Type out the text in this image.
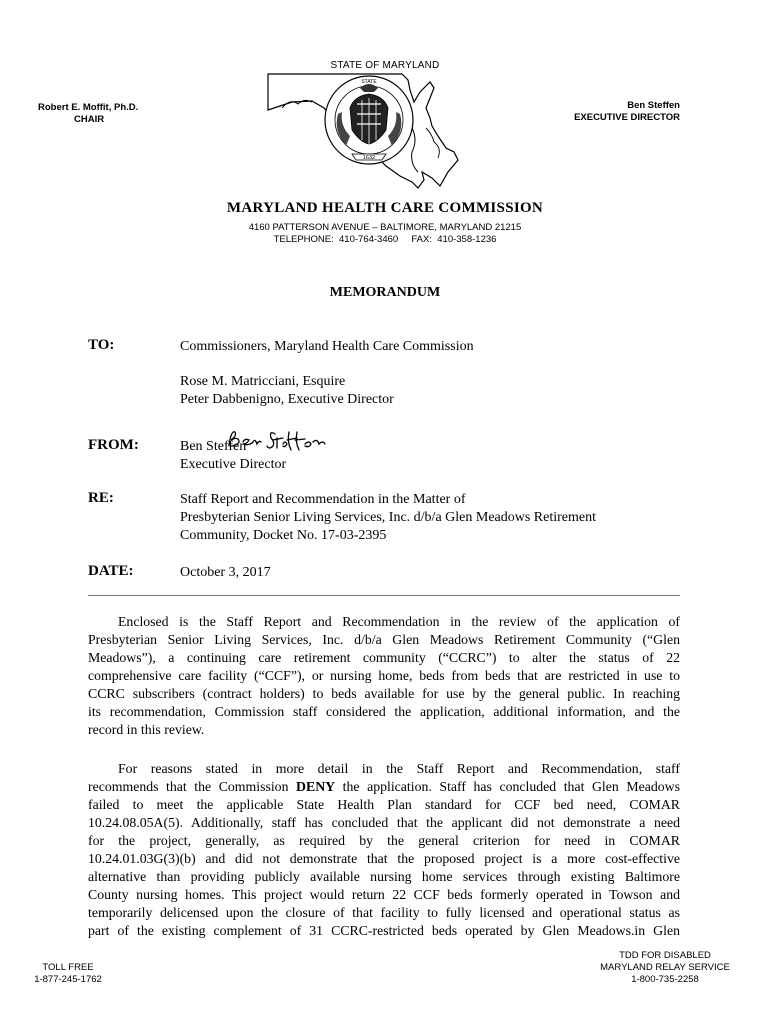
STATE OF MARYLAND
Robert E. Moffit, Ph.D.
CHAIR
Ben Steffen
EXECUTIVE DIRECTOR
1632
STATE
MARYLAND HEALTH CARE COMMISSION
4160 PATTERSON AVENUE – BALTIMORE, MARYLAND 21215
TELEPHONE:  410-764-3460     FAX:  410-358-1236
MEMORANDUM
TO:	Commissioners, Maryland Health Care Commission
Rose M. Matricciani, Esquire
Peter Dabbenigno, Executive Director
FROM:	Ben Steffen
Executive Director
Ben Steffen
RE:	Staff Report and Recommendation in the Matter of
Presbyterian Senior Living Services, Inc. d/b/a Glen Meadows Retirement
Community, Docket No. 17-03-2395
DATE:	October 3, 2017
Enclosed is the Staff Report and Recommendation in the review of the application of
Presbyterian Senior Living Services, Inc. d/b/a Glen Meadows Retirement Community (“Glen
Meadows”), a continuing care retirement community (“CCRC”) to alter the status of 22
comprehensive care facility (“CCF”), or nursing home, beds from beds that are restricted in use to
CCRC subscribers (contract holders) to beds available for use by the general public. In reaching
its recommendation, Commission staff considered the application, additional information, and the
record in this review.
For reasons stated in more detail in the Staff Report and Recommendation, staff
recommends that the Commission DENY the application. Staff has concluded that Glen Meadows
failed to meet the applicable State Health Plan standard for CCF bed need, COMAR
10.24.08.05A(5). Additionally, staff has concluded that the applicant did not demonstrate a need
for the project, generally, as required by the general criterion for need in COMAR
10.24.01.03G(3)(b) and did not demonstrate that the proposed project is a more cost-effective
alternative than providing publicly available nursing home services through existing Baltimore
County nursing homes. This project would return 22 CCF beds formerly operated in Towson and
temporarily delicensed upon the closure of that facility to fully licensed and operational status as
part of the existing complement of 31 CCRC-restricted beds operated by Glen Meadows.in Glen
TOLL FREE
1-877-245-1762
TDD FOR DISABLED
MARYLAND RELAY SERVICE
1-800-735-2258
